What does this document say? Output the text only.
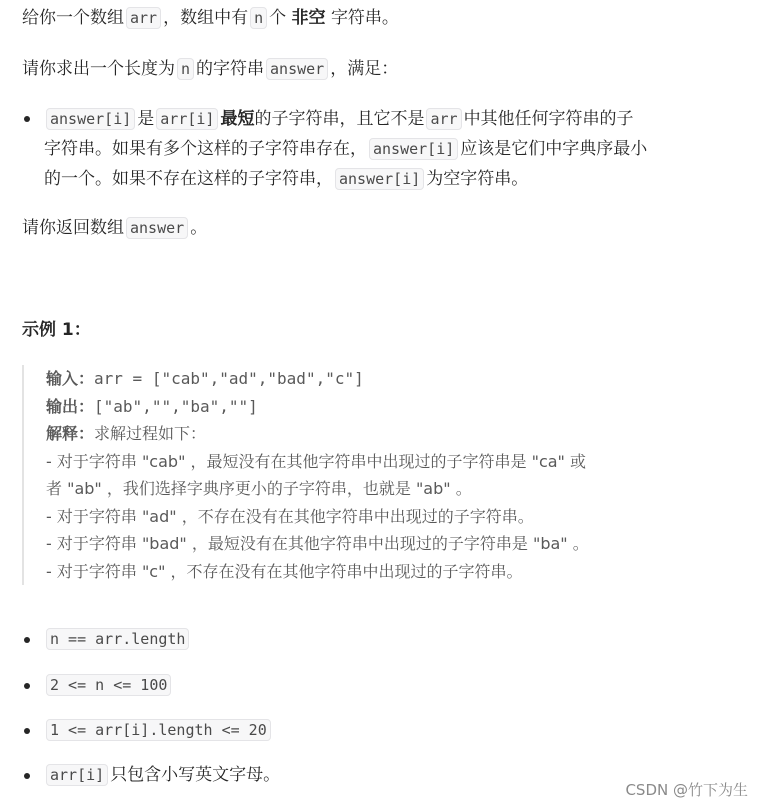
给你一个数组 arr ，数组中有 n 个 非空 字符串。
请你求出一个长度为 n 的字符串 answer ，满足：
answer[i] 是 arr[i] 最短的子字符串，且它不是 arr 中其他任何字符串的子
字符串。如果有多个这样的子字符串存在， answer[i] 应该是它们中字典序最小
的一个。如果不存在这样的子字符串， answer[i] 为空字符串。
请你返回数组 answer 。
示例 1：
输入：arr = ["cab","ad","bad","c"]
输出：["ab","","ba",""]
解释：求解过程如下：
- 对于字符串 "cab" ，最短没有在其他字符串中出现过的子字符串是 "ca" 或
者 "ab" ，我们选择字典序更小的子字符串，也就是 "ab" 。
- 对于字符串 "ad" ，不存在没有在其他字符串中出现过的子字符串。
- 对于字符串 "bad" ，最短没有在其他字符串中出现过的子字符串是 "ba" 。
- 对于字符串 "c" ，不存在没有在其他字符串中出现过的子字符串。
n == arr.length
2 <= n <= 100
1 <= arr[i].length <= 20
arr[i] 只包含小写英文字母。
CSDN @竹下为生
